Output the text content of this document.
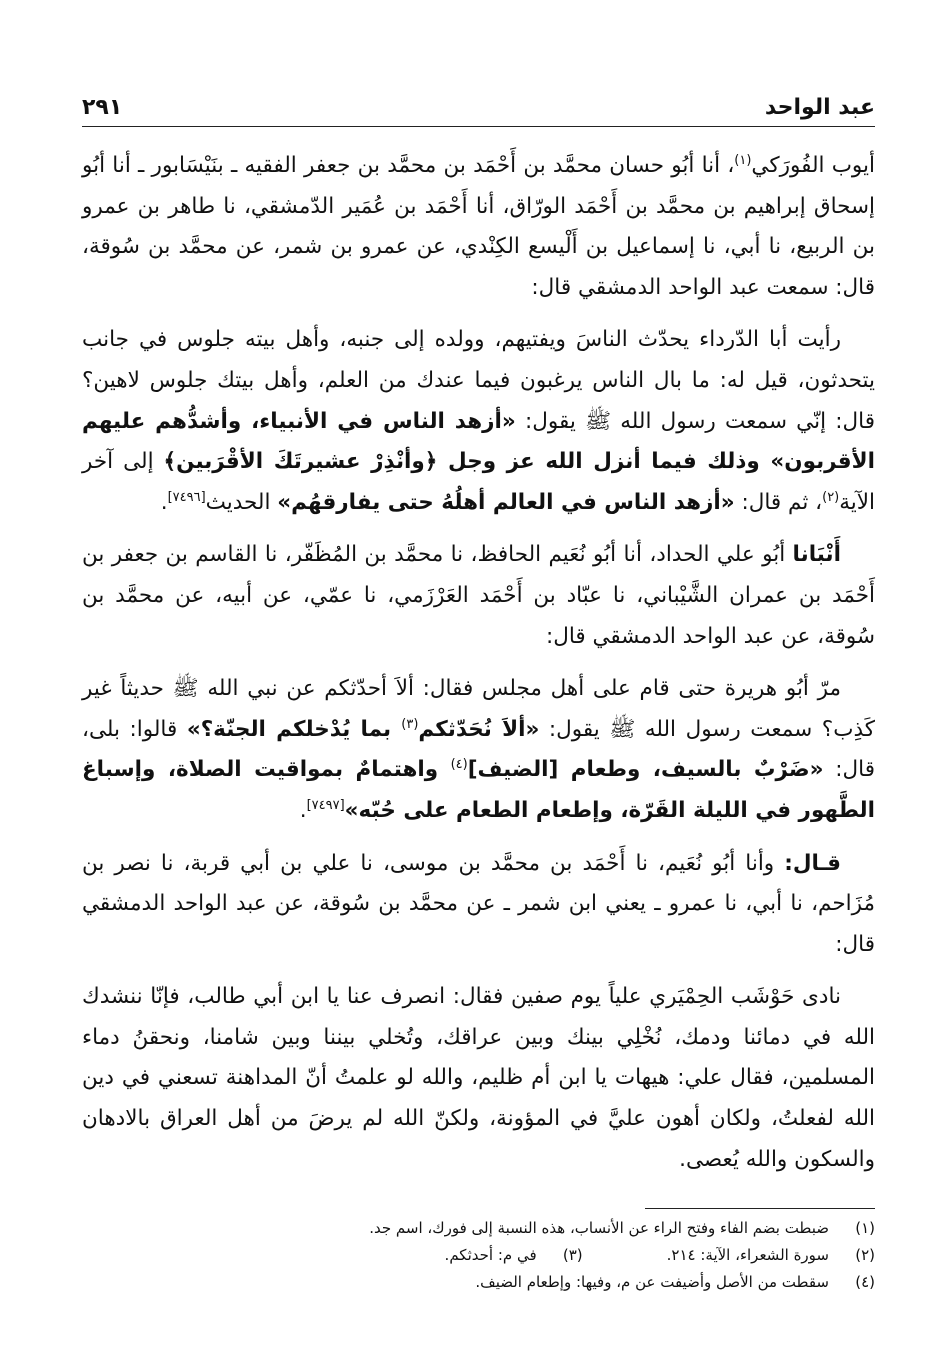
عبد الواحد
٢٩١

أيوب الفُورَكي$^{(١)}$، أنا أبُو حسان محمَّد بن أَحْمَد بن محمَّد بن جعفر الفقيه ـ بنَيْسَابور ـ أنا أبُو إسحاق إبراهيم بن محمَّد بن أَحْمَد الورّاق، أنا أَحْمَد بن عُمَير الدّمشقي، نا طاهر بن عمرو بن الربيع، نا أبي، نا إسماعيل بن أَلْيسع الكِنْدي، عن عمرو بن شمر، عن محمَّد بن سُوقة، قال: سمعت عبد الواحد الدمشقي قال:

رأيت أبا الدّرداء يحدّث الناسَ ويفتيهم، وولده إلى جنبه، وأهل بيته جلوس في جانب يتحدثون، قيل له: ما بال الناس يرغبون فيما عندك من العلم، وأهل بيتك جلوس لاهين؟ قال: إنّي سمعت رسول الله ﷺ يقول: «أزهد الناس في الأنبياء، وأشدُّهم عليهم الأقربون» وذلك فيما أنزل الله عز وجل ﴿وأنْذِرْ عشيرتَكَ الأقْرَبين﴾ إلى آخر الآية$^{(٢)}$، ثم قال: «أزهد الناس في العالم أهلُهُ حتى يفارقهُم» الحديث[٧٤٩٦].

أَنْبَانا أبُو علي الحداد، أنا أبُو نُعَيم الحافظ، نا محمَّد بن المُظَفّر، نا القاسم بن جعفر بن أَحْمَد بن عمران الشَّيْباني، نا عبّاد بن أَحْمَد العَرْزَمي، نا عمّي، عن أبيه، عن محمَّد بن سُوقة، عن عبد الواحد الدمشقي قال:

مرّ أبُو هريرة حتى قام على أهل مجلس فقال: ألاَ أحدّثكم عن نبي الله ﷺ حديثاً غير كَذِب؟ سمعت رسول الله ﷺ يقول: «ألاَ نُحَدّثكم$^{(٣)}$ بما يُدْخلكم الجنّة؟» قالوا: بلى، قال: «ضَرْبٌ بالسيف، وطعام [الضيف]$^{(٤)}$ واهتمامٌ بمواقيت الصلاة، وإسباغ الطَّهور في الليلة القَرّة، وإطعام الطعام على حُبّه»[٧٤٩٧].

قـال: وأنا أبُو نُعَيم، نا أَحْمَد بن محمَّد بن موسى، نا علي بن أبي قربة، نا نصر بن مُزَاحم، نا أبي، نا عمرو ـ يعني ابن شمر ـ عن محمَّد بن سُوقة، عن عبد الواحد الدمشقي قال:

نادى حَوْشَب الحِمْيَري علياً يوم صفين فقال: انصرف عنا يا ابن أبي طالب، فإنّا ننشدك الله في دمائنا ودمك، نُخْلِي بينك وبين عراقك، وتُخلي بيننا وبين شامنا، ونحقنُ دماء المسلمين، فقال علي: هيهات يا ابن أم ظليم، والله لو علمتُ أنّ المداهنة تسعني في دين الله لفعلتُ، ولكان أهون عليَّ في المؤونة، ولكنّ الله لم يرضَ من أهل العراق بالادهان والسكون والله يُعصى.

(١)
ضبطت بضم الفاء وفتح الراء عن الأنساب، هذه النسبة إلى فورك، اسم جد.
(٢)
سورة الشعراء، الآية: ٢١٤.
(٣)
في م: أحدثكم.
(٤)
سقطت من الأصل وأضيفت عن م، وفيها: وإطعام الضيف.
